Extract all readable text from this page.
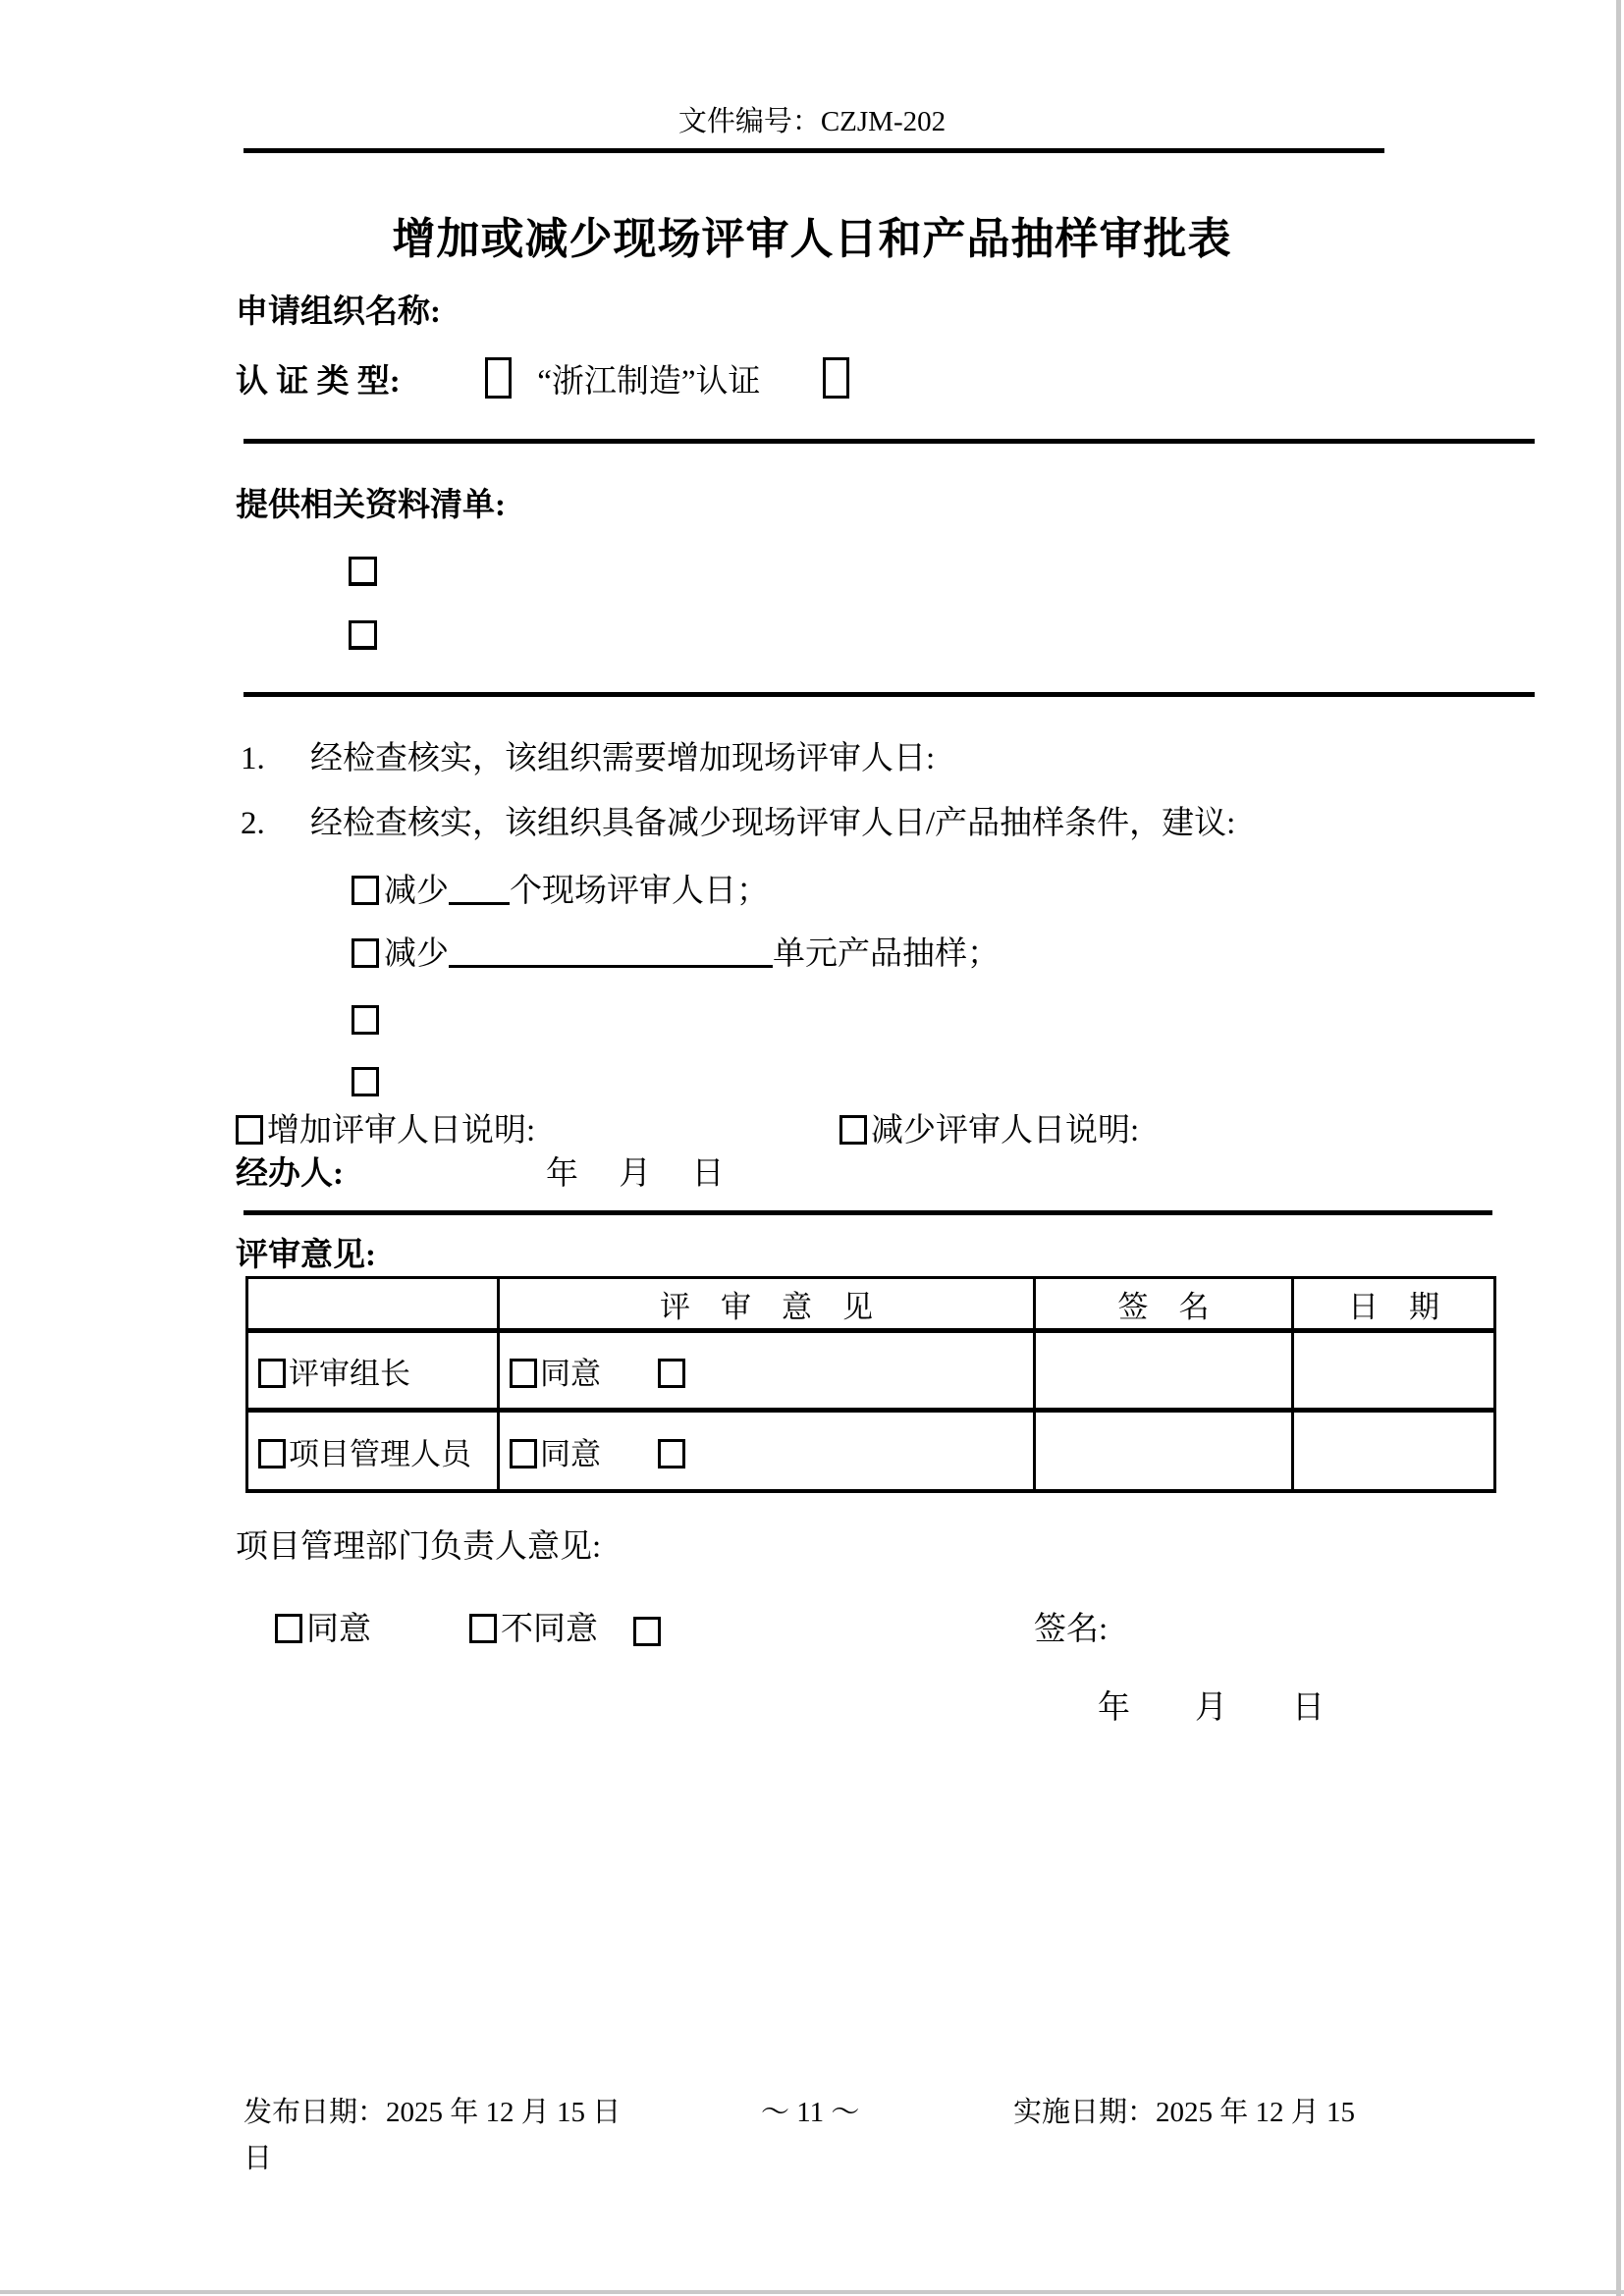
文件编号：CZJM-202
增加或减少现场评审人日和产品抽样审批表
申请组织名称:
认 证 类 型:	“浙江制造”认证
提供相关资料清单:
1. 经检查核实，该组织需要增加现场评审人日:
2. 经检查核实，该组织具备减少现场评审人日/产品抽样条件，建议:
减少 个现场评审人日；
减少	单元产品抽样；
增加评审人日说明:	减少评审人日说明:
经办人:	年　 月　 日
评审意见:
	评　审　意　见	签　名	日　期
评审组长	同意		
项目管理人员	同意		
项目管理部门负责人意见:
同意	不同意	签名:
年　　月　　日
发布日期：2025 年 12 月 15 日	～ 11 ～	实施日期：2025 年 12 月 15
日
